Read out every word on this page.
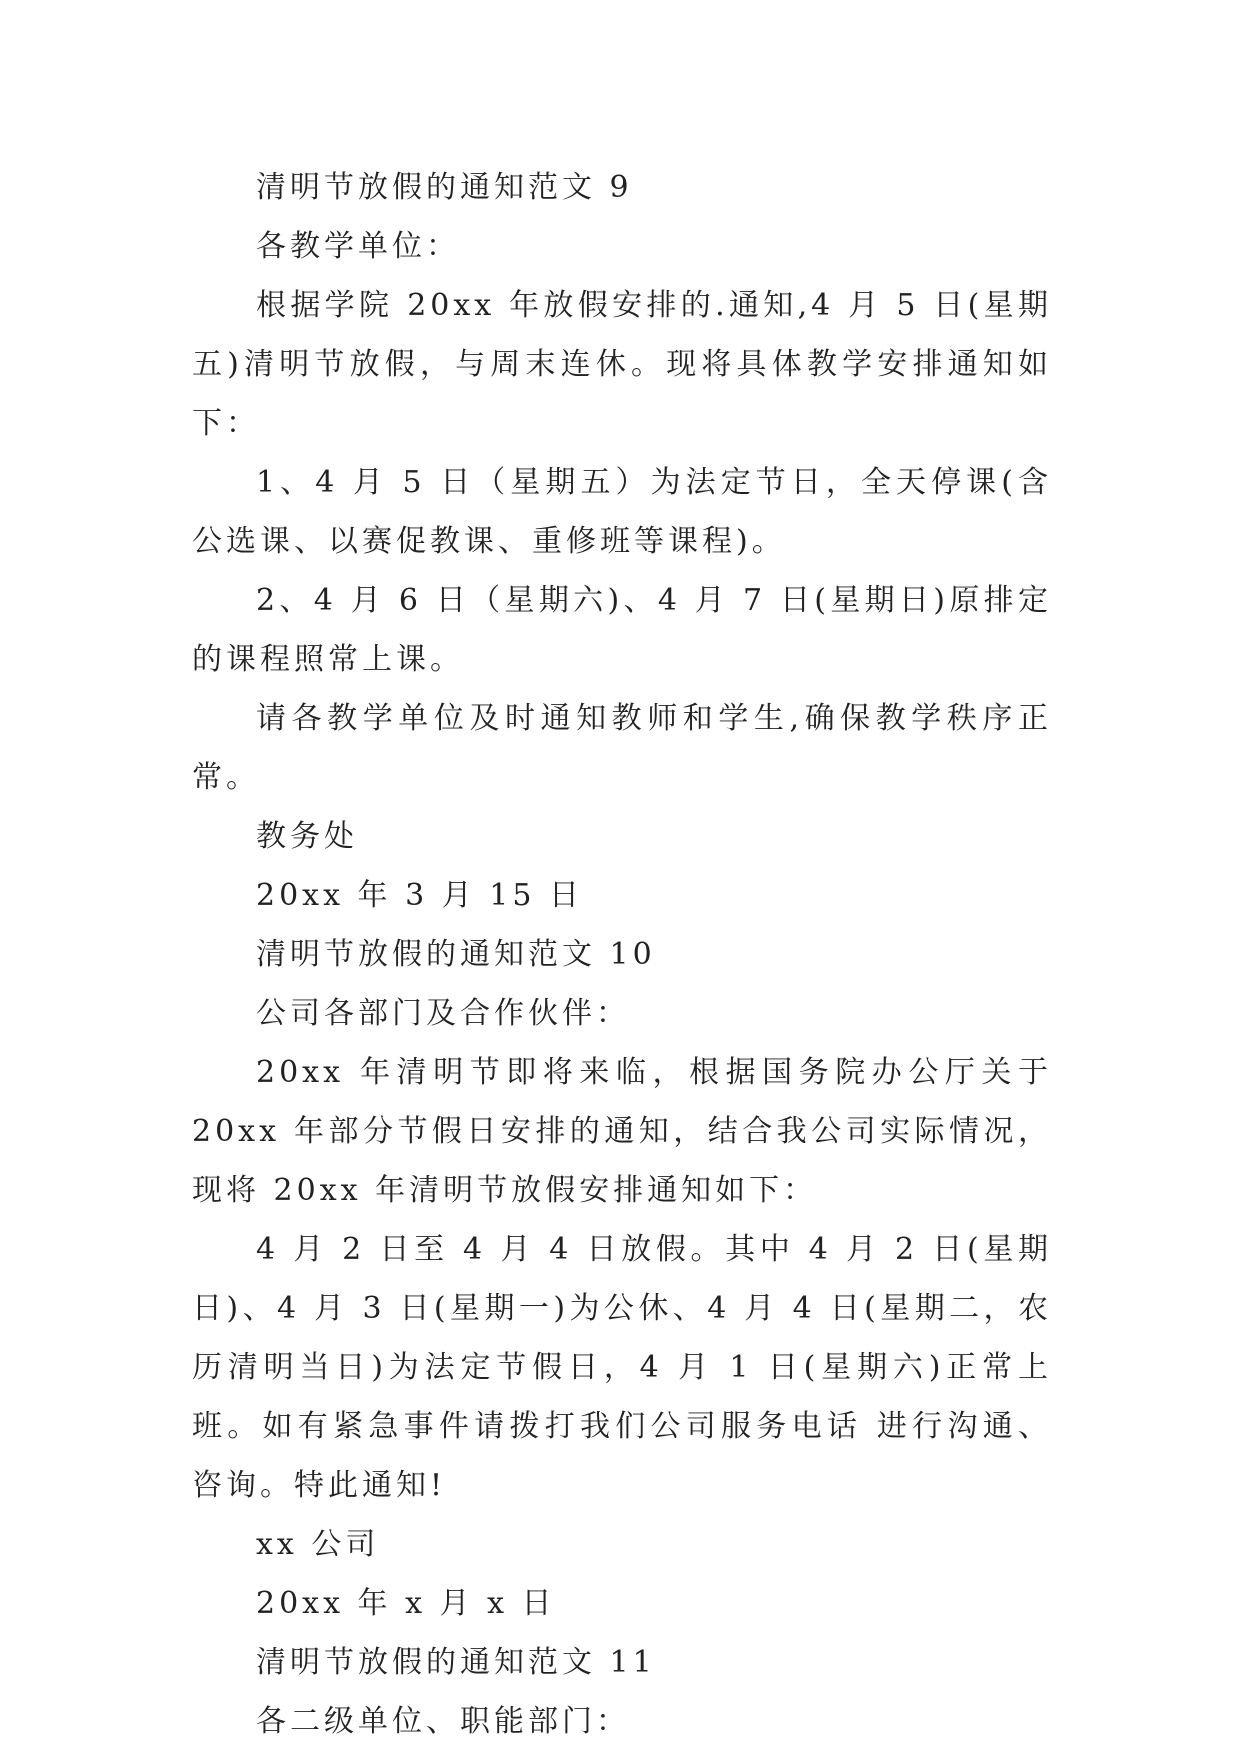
清明节放假的通知范文 9

各教学单位：

根据学院 20xx 年放假安排的.通知,4 月 5 日(星期五)清明节放假，与周末连休。现将具体教学安排通知如下：

1、4 月 5 日（星期五）为法定节日，全天停课(含公选课、以赛促教课、重修班等课程)。

2、4 月 6 日（星期六)、4 月 7 日(星期日)原排定的课程照常上课。

请各教学单位及时通知教师和学生,确保教学秩序正常。

教务处

20xx 年 3 月 15 日

清明节放假的通知范文 10

公司各部门及合作伙伴：

20xx 年清明节即将来临，根据国务院办公厅关于 20xx 年部分节假日安排的通知，结合我公司实际情况，现将 20xx 年清明节放假安排通知如下：

4 月 2 日至 4 月 4 日放假。其中 4 月 2 日(星期日)、4 月 3 日(星期一)为公休、4 月 4 日(星期二，农历清明当日)为法定节假日，4 月 1 日(星期六)正常上班。如有紧急事件请拨打我们公司服务电话 进行沟通、咨询。特此通知!

xx 公司

20xx 年 x 月 x 日

清明节放假的通知范文 11

各二级单位、职能部门：
